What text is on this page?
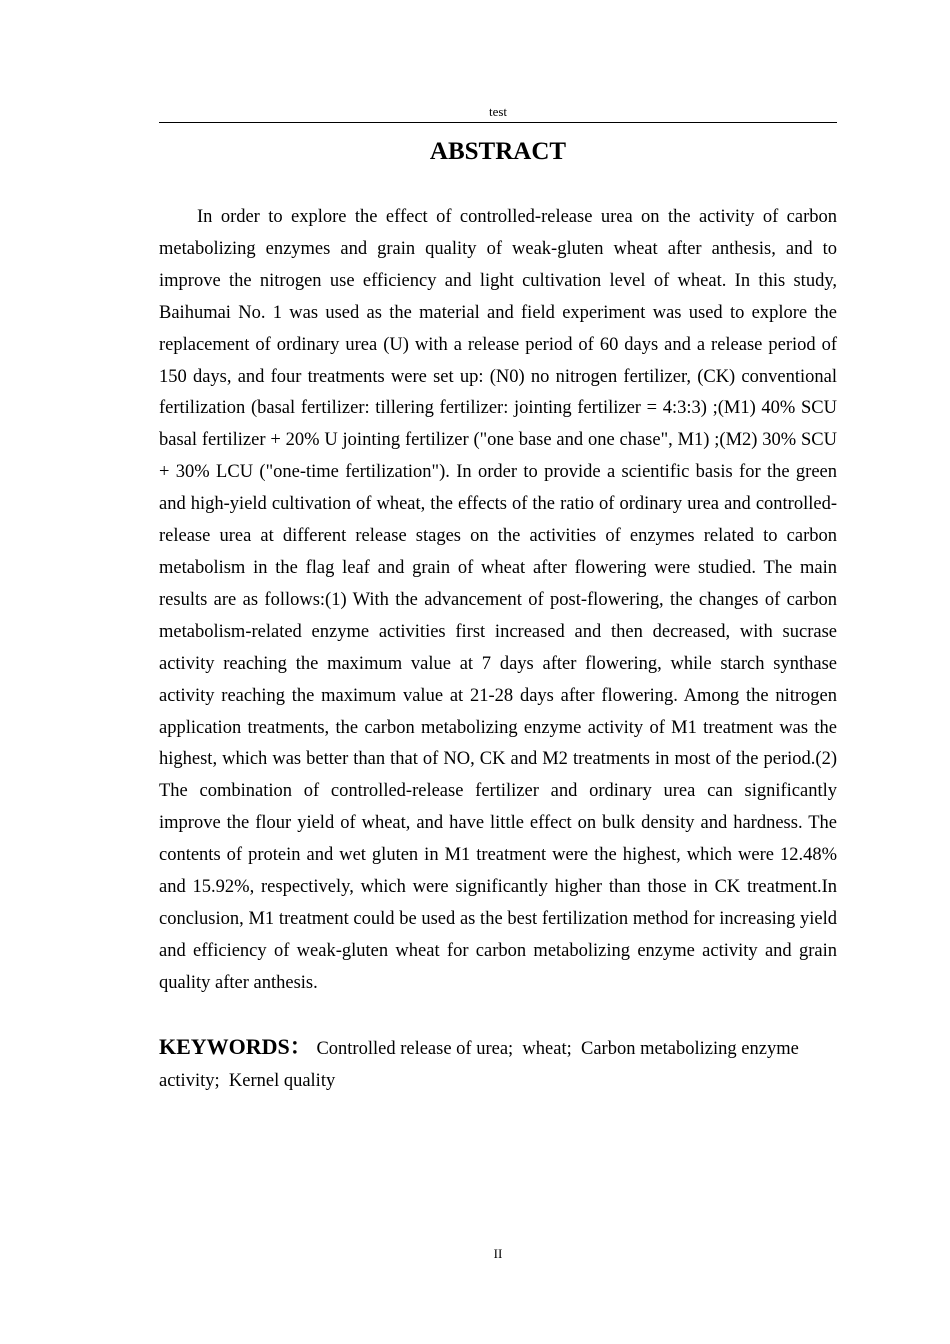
test
ABSTRACT

In order to explore the effect of controlled-release urea on the activity of carbon metabolizing enzymes and grain quality of weak-gluten wheat after anthesis, and to improve the nitrogen use efficiency and light cultivation level of wheat. In this study, Baihumai No. 1 was used as the material and field experiment was used to explore the replacement of ordinary urea (U) with a release period of 60 days and a release period of 150 days, and four treatments were set up: (N0) no nitrogen fertilizer, (CK) conventional fertilization (basal fertilizer: tillering fertilizer: jointing fertilizer = 4:3:3) ;(M1) 40% SCU basal fertilizer + 20% U jointing fertilizer ("one base and one chase", M1) ;(M2) 30% SCU + 30% LCU ("one-time fertilization"). In order to provide a scientific basis for the green and high-yield cultivation of wheat, the effects of the ratio of ordinary urea and controlled-release urea at different release stages on the activities of enzymes related to carbon metabolism in the flag leaf and grain of wheat after flowering were studied. The main results are as follows:(1) With the advancement of post-flowering, the changes of carbon metabolism-related enzyme activities first increased and then decreased, with sucrase activity reaching the maximum value at 7 days after flowering, while starch synthase activity reaching the maximum value at 21-28 days after flowering. Among the nitrogen application treatments, the carbon metabolizing enzyme activity of M1 treatment was the highest, which was better than that of NO, CK and M2 treatments in most of the period.(2) The combination of controlled-release fertilizer and ordinary urea can significantly improve the flour yield of wheat, and have little effect on bulk density and hardness. The contents of protein and wet gluten in M1 treatment were the highest, which were 12.48% and 15.92%, respectively, which were significantly higher than those in CK treatment.In conclusion, M1 treatment could be used as the best fertilization method for increasing yield and efficiency of weak-gluten wheat for carbon metabolizing enzyme activity and grain quality after anthesis.

KEYWORDS： Controlled release of urea; wheat; Carbon metabolizing enzyme activity; Kernel quality

II
